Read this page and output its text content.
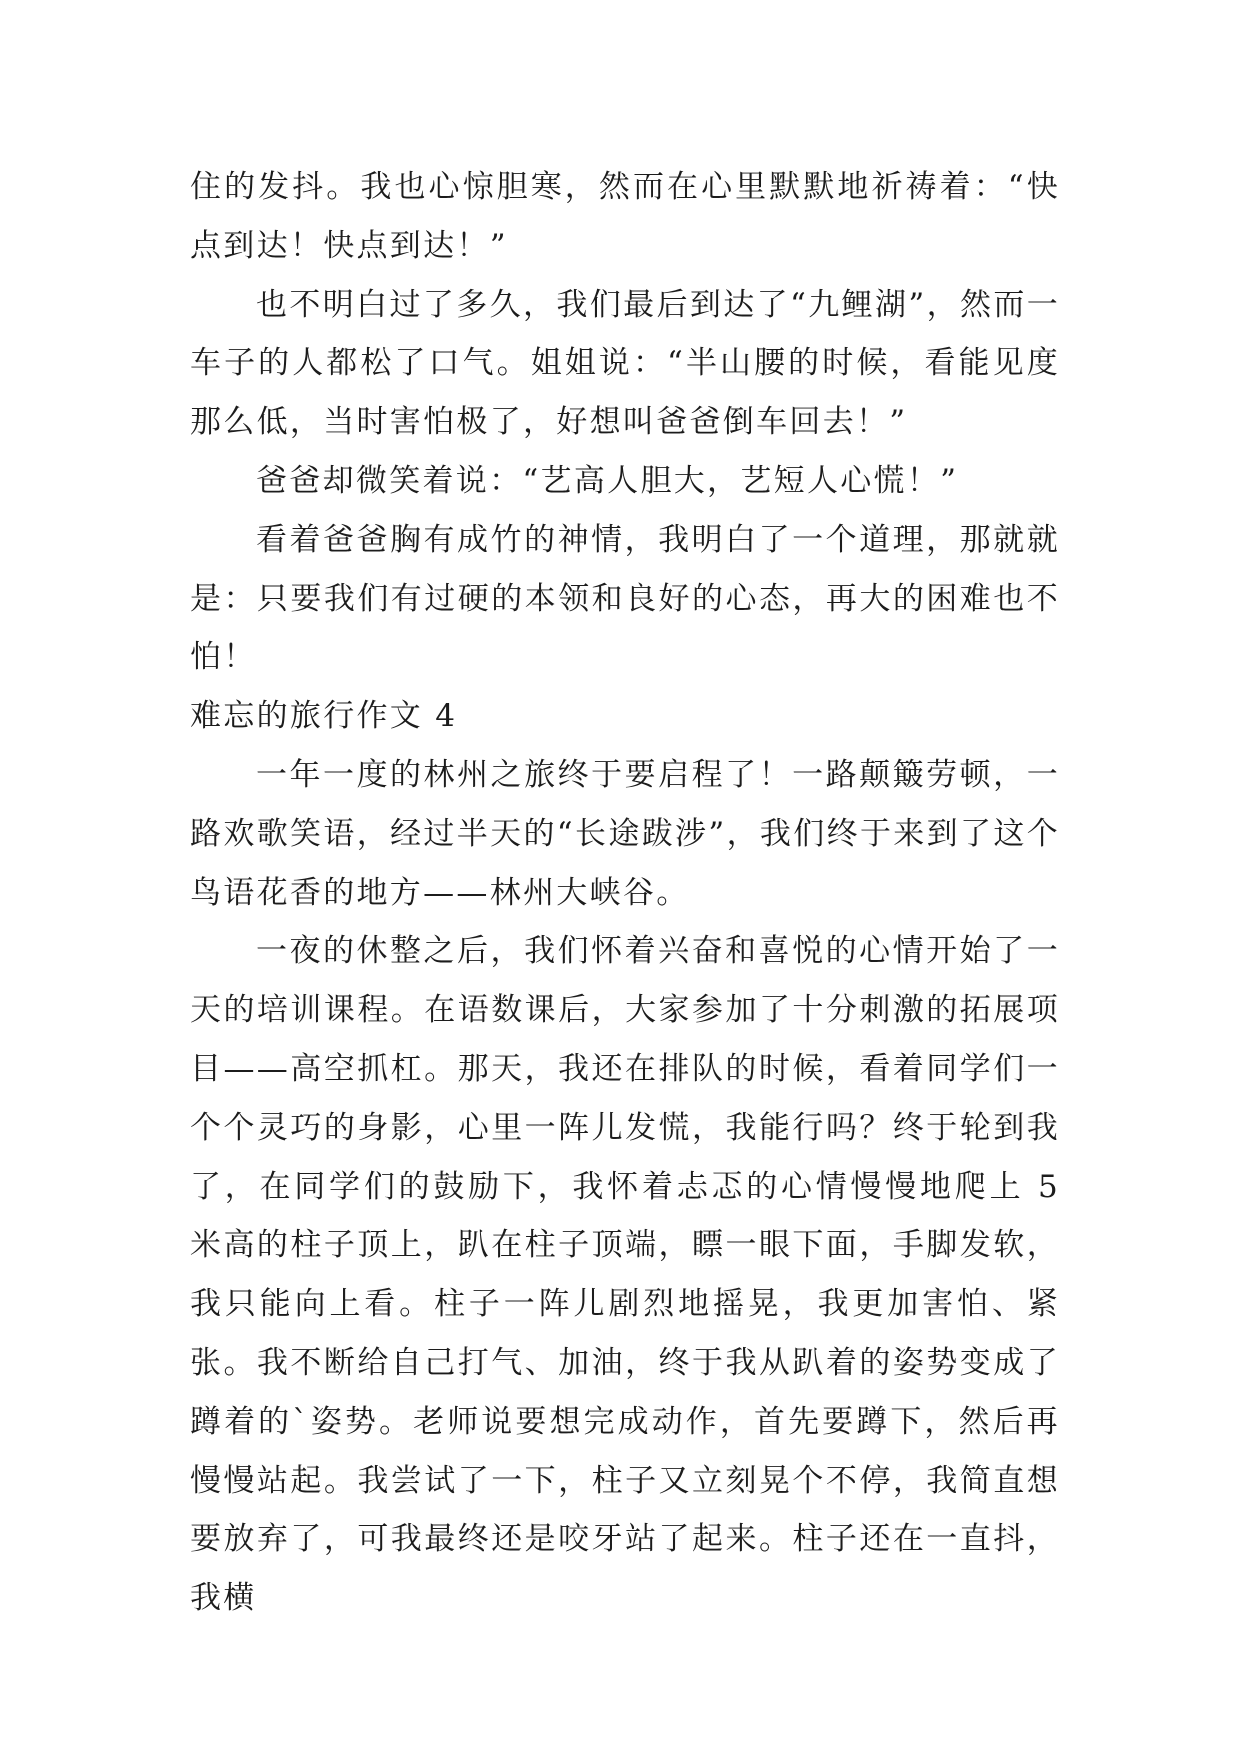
住的发抖。我也心惊胆寒，然而在心里默默地祈祷着：“快点到达！快点到达！”

也不明白过了多久，我们最后到达了“九鲤湖”，然而一车子的人都松了口气。姐姐说：“半山腰的时候，看能见度那么低，当时害怕极了，好想叫爸爸倒车回去！”

爸爸却微笑着说：“艺高人胆大，艺短人心慌！”

看着爸爸胸有成竹的神情，我明白了一个道理，那就就是：只要我们有过硬的本领和良好的心态，再大的困难也不怕！

难忘的旅行作文 4

一年一度的林州之旅终于要启程了！一路颠簸劳顿，一路欢歌笑语，经过半天的“长途跋涉”，我们终于来到了这个鸟语花香的地方——林州大峡谷。

一夜的休整之后，我们怀着兴奋和喜悦的心情开始了一天的培训课程。在语数课后，大家参加了十分刺激的拓展项目——高空抓杠。那天，我还在排队的时候，看着同学们一个个灵巧的身影，心里一阵儿发慌，我能行吗？终于轮到我了，在同学们的鼓励下，我怀着忐忑的心情慢慢地爬上 5 米高的柱子顶上，趴在柱子顶端，瞟一眼下面，手脚发软，我只能向上看。柱子一阵儿剧烈地摇晃，我更加害怕、紧张。我不断给自己打气、加油，终于我从趴着的姿势变成了蹲着的`姿势。老师说要想完成动作，首先要蹲下，然后再慢慢站起。我尝试了一下，柱子又立刻晃个不停，我简直想要放弃了，可我最终还是咬牙站了起来。柱子还在一直抖，我横
